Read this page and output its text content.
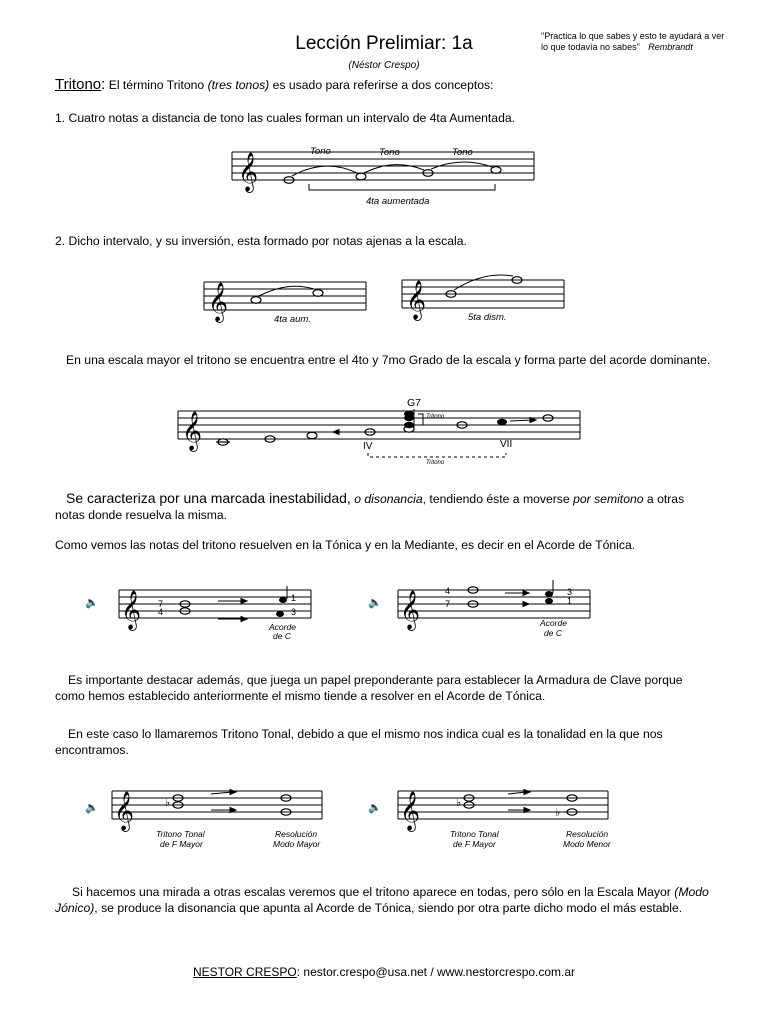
Lección Prelimiar: 1a
(Néstor Crespo)
"Practica lo que sabes y esto te ayudará a ver lo que todavía no sabes" Rembrandt
Tritono: El término Tritono (tres tonos) es usado para referirse a dos conceptos:
1. Cuatro notas a distancia de tono las cuales forman un intervalo de 4ta Aumentada.
𝄞
Tono	Tono	Tono
4ta aumentada
2. Dicho intervalo, y su inversión, esta formado por notas ajenas a la escala.
𝄞	4ta aum.
𝄞	5ta dism.
En una escala mayor el tritono se encuentra entre el 4to y 7mo Grado de la escala y forma parte del acorde dominante.
G7
𝄞	Tritono
IV	VII
Tritono
Se caracteriza por una marcada inestabilidad, o disonancia, tendiendo éste a moverse por semitono a otras notas donde resuelva la misma.
Como vemos las notas del tritono resuelven en la Tónica y en la Mediante, es decir en el Acorde de Tónica.
🔈 𝄞 7
4
1
3
Acorde
de C
🔈 𝄞	4
7
3
1
Acorde
de C
Es importante destacar además, que juega un papel preponderante para establecer la Armadura de Clave porque como hemos establecido anteriormente el mismo tiende a resolver en el Acorde de Tónica.
En este caso lo llamaremos Tritono Tonal, debido a que el mismo nos indica cual es la tonalidad en la que nos encontramos.
🔈 𝄞	♭
Tritono Tonal
de F Mayor
Resolución
Modo Mayor
🔈 𝄞	♭
♭
Tritono Tonal
de F Mayor
Resolución
Modo Menor
Si hacemos una mirada a otras escalas veremos que el tritono aparece en todas, pero sólo en la Escala Mayor (Modo Jónico), se produce la disonancia que apunta al Acorde de Tónica, siendo por otra parte dicho modo el más estable.
NESTOR CRESPO: nestor.crespo@usa.net / www.nestorcrespo.com.ar
